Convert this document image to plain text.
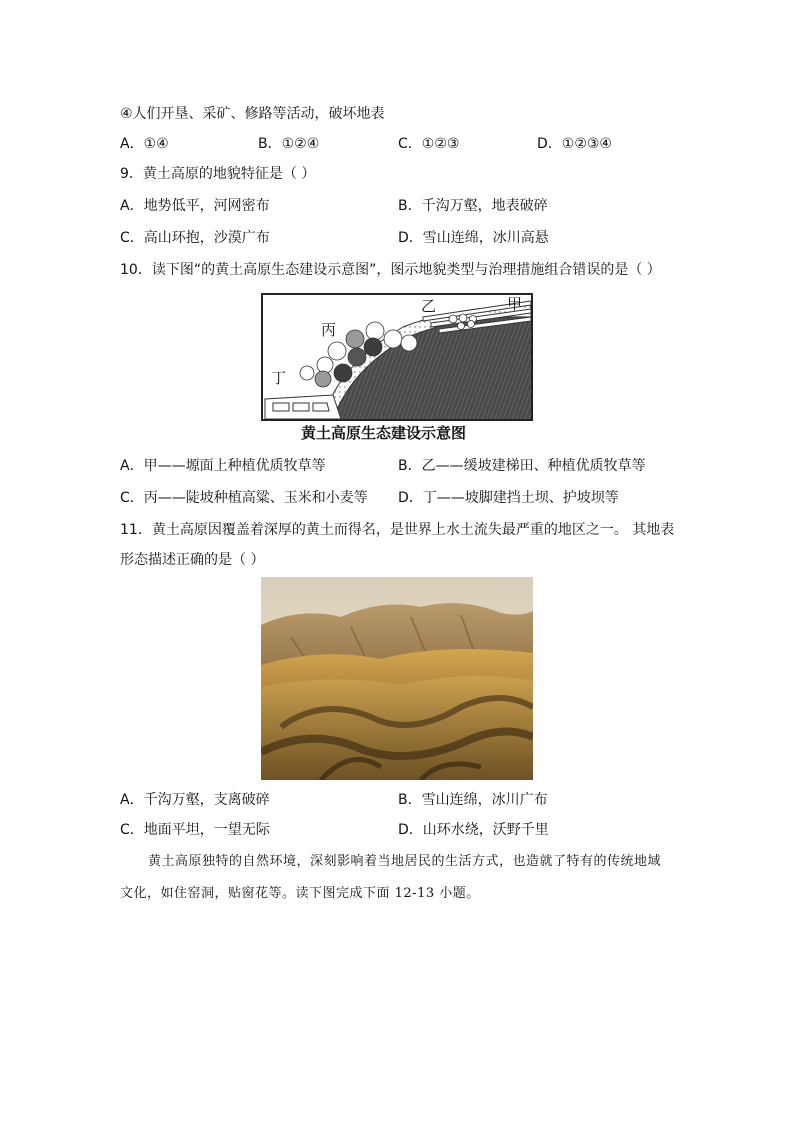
④人们开垦、采矿、修路等活动，破坏地表
A．①④	B．①②④	C．①②③	D．①②③④
9．黄土高原的地貌特征是（ ）
A．地势低平，河网密布	B．千沟万壑，地表破碎
C．高山环抱，沙漠广布	D．雪山连绵，冰川高悬
10．读下图“的黄土高原生态建设示意图”，图示地貌类型与治理措施组合错误的是（ ）
甲
乙
丙
丁
黄土高原生态建设示意图
A．甲——塬面上种植优质牧草等	B．乙——缓坡建梯田、种植优质牧草等
C．丙——陡坡种植高粱、玉米和小麦等 D．丁——坡脚建挡土坝、护坡坝等
11．黄土高原因覆盖着深厚的黄土而得名，是世界上水土流失最严重的地区之一。 其地表
形态描述正确的是（ ）
A．千沟万壑，支离破碎	B．雪山连绵，冰川广布
C．地面平坦，一望无际	D．山环水绕，沃野千里
黄土高原独特的自然环境，深刻影响着当地居民的生活方式，也造就了特有的传统地域
文化，如住窑洞，贴窗花等。读下图完成下面 12-13 小题。
